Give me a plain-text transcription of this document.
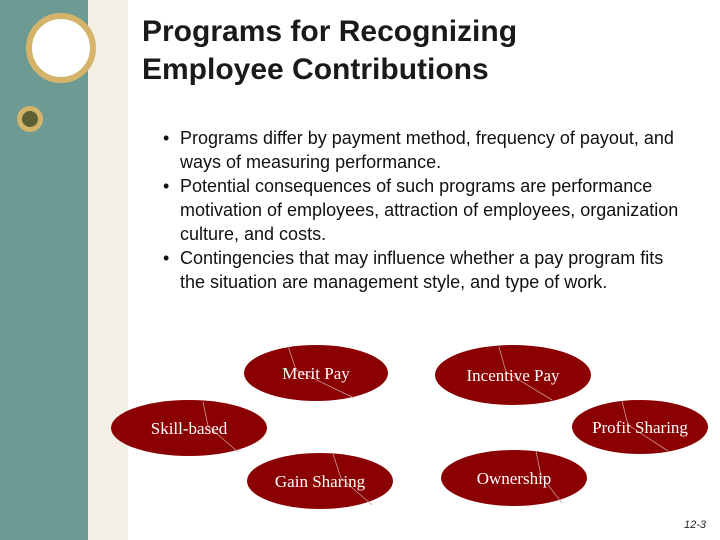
Programs for Recognizing
Employee Contributions
• Programs differ by payment method, frequency of payout, and ways of measuring performance.
• Potential consequences of such programs are performance motivation of employees, attraction of employees, organization culture, and costs.
• Contingencies that may influence whether a pay program fits the situation are management style, and type of work.
Merit Pay	Incentive Pay
Skill-based	Profit Sharing
Gain Sharing	Ownership
12-3
